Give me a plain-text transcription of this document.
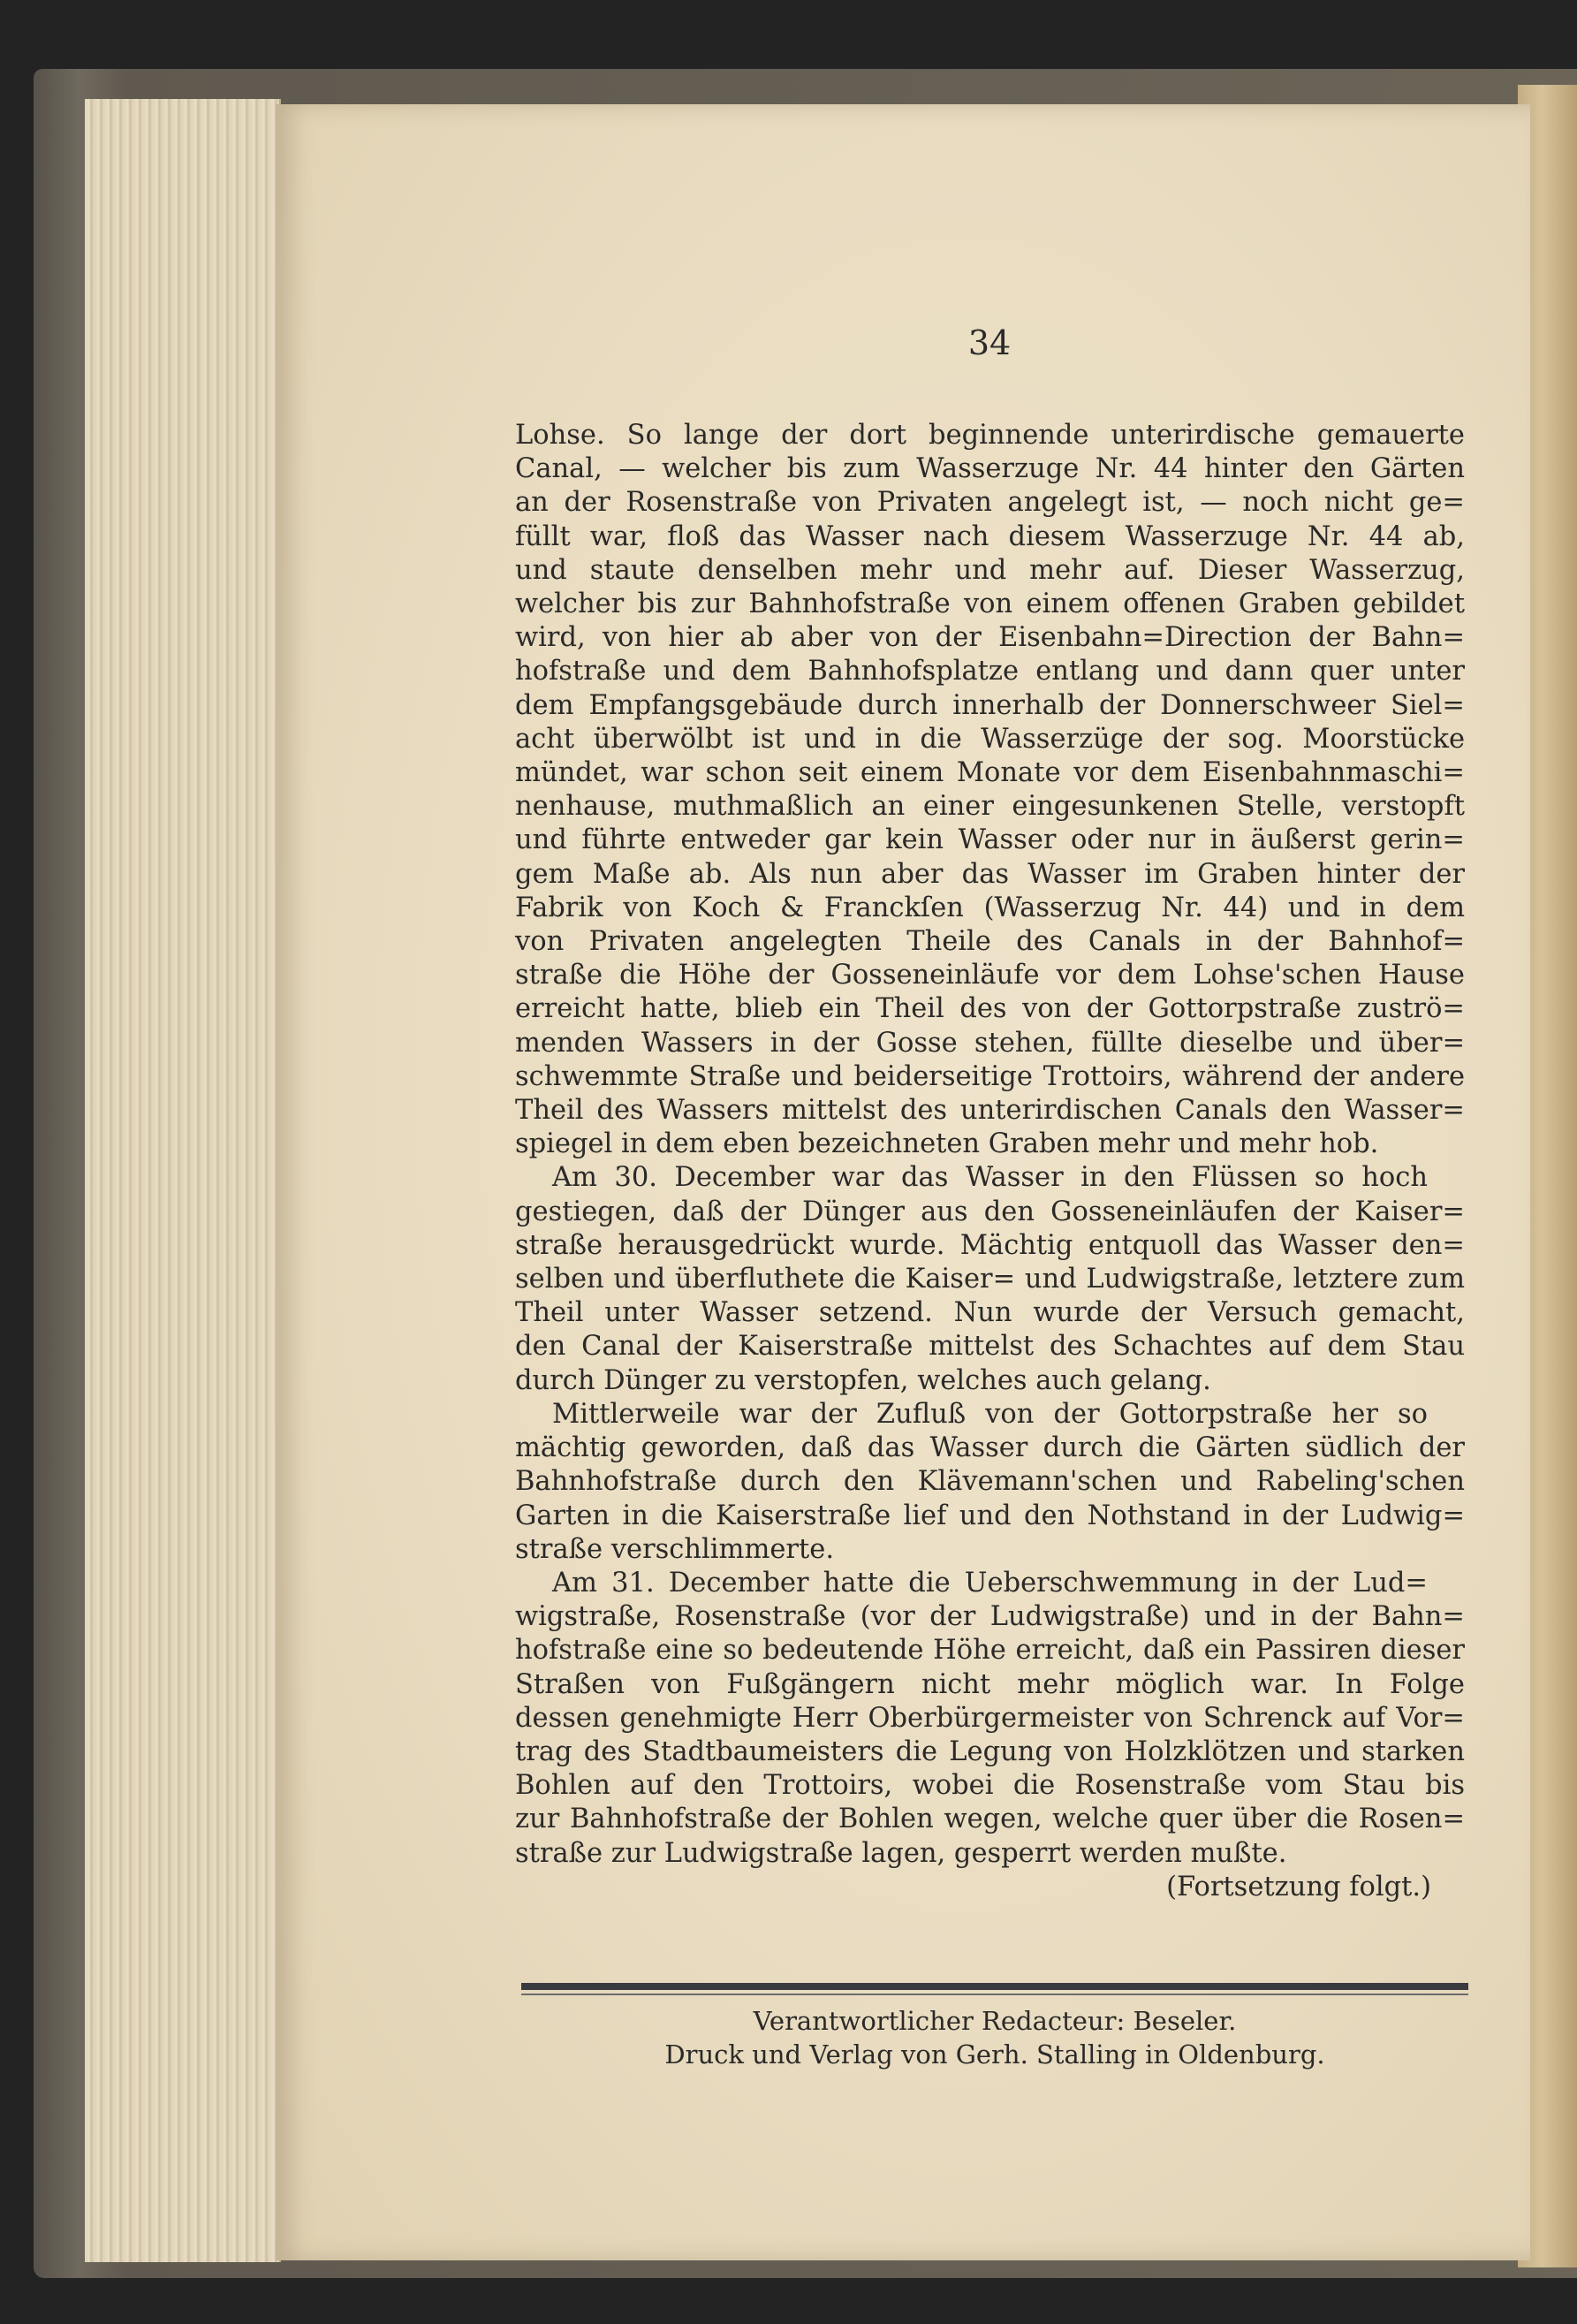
34
Lohse. So lange der dort beginnende unterirdische gemauerte
Canal, — welcher bis zum Wasserzuge Nr. 44 hinter den Gärten
an der Rosenstraße von Privaten angelegt ist, — noch nicht ge=
füllt war, floß das Wasser nach diesem Wasserzuge Nr. 44 ab,
und staute denselben mehr und mehr auf. Dieser Wasserzug,
welcher bis zur Bahnhofstraße von einem offenen Graben gebildet
wird, von hier ab aber von der Eisenbahn=Direction der Bahn=
hofstraße und dem Bahnhofsplatze entlang und dann quer unter
dem Empfangsgebäude durch innerhalb der Donnerschweer Siel=
acht überwölbt ist und in die Wasserzüge der sog. Moorstücke
mündet, war schon seit einem Monate vor dem Eisenbahnmaschi=
nenhause, muthmaßlich an einer eingesunkenen Stelle, verstopft
und führte entweder gar kein Wasser oder nur in äußerst gerin=
gem Maße ab. Als nun aber das Wasser im Graben hinter der
Fabrik von Koch & Franckſen (Wasserzug Nr. 44) und in dem
von Privaten angelegten Theile des Canals in der Bahnhof=
straße die Höhe der Gosseneinläufe vor dem Lohse'schen Hause
erreicht hatte, blieb ein Theil des von der Gottorpstraße zuströ=
menden Wassers in der Gosse stehen, füllte dieselbe und über=
schwemmte Straße und beiderseitige Trottoirs, während der andere
Theil des Wassers mittelst des unterirdischen Canals den Wasser=
spiegel in dem eben bezeichneten Graben mehr und mehr hob.
Am 30. December war das Wasser in den Flüssen so hoch
gestiegen, daß der Dünger aus den Gosseneinläufen der Kaiser=
straße herausgedrückt wurde. Mächtig entquoll das Wasser den=
selben und überfluthete die Kaiser= und Ludwigstraße, letztere zum
Theil unter Wasser setzend. Nun wurde der Versuch gemacht,
den Canal der Kaiserstraße mittelst des Schachtes auf dem Stau
durch Dünger zu verstopfen, welches auch gelang.
Mittlerweile war der Zufluß von der Gottorpstraße her so
mächtig geworden, daß das Wasser durch die Gärten südlich der
Bahnhofstraße durch den Klävemann'schen und Rabeling'schen
Garten in die Kaiserstraße lief und den Nothstand in der Ludwig=
straße verschlimmerte.
Am 31. December hatte die Ueberschwemmung in der Lud=
wigstraße, Rosenstraße (vor der Ludwigstraße) und in der Bahn=
hofstraße eine so bedeutende Höhe erreicht, daß ein Passiren dieser
Straßen von Fußgängern nicht mehr möglich war. In Folge
dessen genehmigte Herr Oberbürgermeister von Schrenck auf Vor=
trag des Stadtbaumeisters die Legung von Holzklötzen und starken
Bohlen auf den Trottoirs, wobei die Rosenstraße vom Stau bis
zur Bahnhofstraße der Bohlen wegen, welche quer über die Rosen=
straße zur Ludwigstraße lagen, gesperrt werden mußte.
(Fortsetzung folgt.)
Verantwortlicher Redacteur: Beseler.
Druck und Verlag von Gerh. Stalling in Oldenburg.
